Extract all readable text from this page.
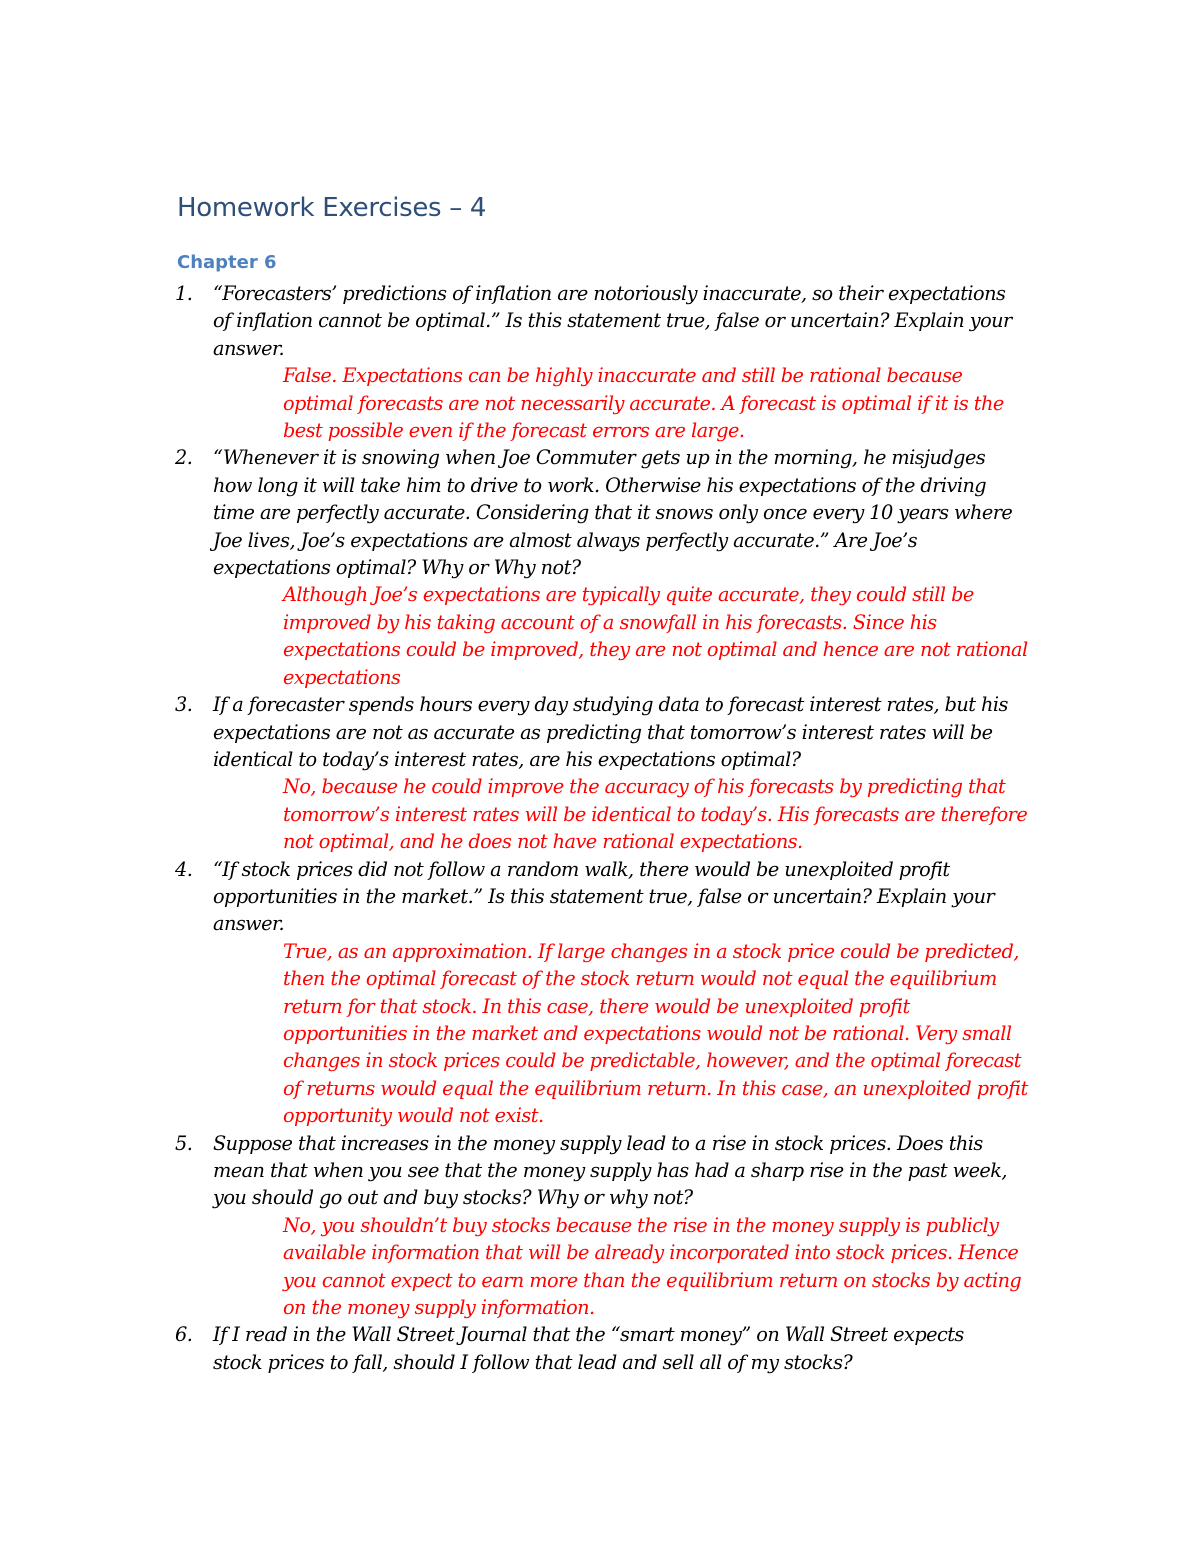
Homework Exercises – 4
Chapter 6
1. “Forecasters’ predictions of inflation are notoriously inaccurate, so their expectations of inflation cannot be optimal.” Is this statement true, false or uncertain? Explain your answer.
False. Expectations can be highly inaccurate and still be rational because optimal forecasts are not necessarily accurate. A forecast is optimal if it is the best possible even if the forecast errors are large.
2. “Whenever it is snowing when Joe Commuter gets up in the morning, he misjudges how long it will take him to drive to work. Otherwise his expectations of the driving time are perfectly accurate. Considering that it snows only once every 10 years where Joe lives, Joe’s expectations are almost always perfectly accurate.” Are Joe’s expectations optimal? Why or Why not?
Although Joe’s expectations are typically quite accurate, they could still be improved by his taking account of a snowfall in his forecasts. Since his expectations could be improved, they are not optimal and hence are not rational expectations
3. If a forecaster spends hours every day studying data to forecast interest rates, but his expectations are not as accurate as predicting that tomorrow’s interest rates will be identical to today’s interest rates, are his expectations optimal?
No, because he could improve the accuracy of his forecasts by predicting that tomorrow’s interest rates will be identical to today’s. His forecasts are therefore not optimal, and he does not have rational expectations.
4. “If stock prices did not follow a random walk, there would be unexploited profit opportunities in the market.” Is this statement true, false or uncertain? Explain your answer.
True, as an approximation. If large changes in a stock price could be predicted, then the optimal forecast of the stock return would not equal the equilibrium return for that stock. In this case, there would be unexploited profit opportunities in the market and expectations would not be rational. Very small changes in stock prices could be predictable, however, and the optimal forecast of returns would equal the equilibrium return. In this case, an unexploited profit opportunity would not exist.
5. Suppose that increases in the money supply lead to a rise in stock prices. Does this mean that when you see that the money supply has had a sharp rise in the past week, you should go out and buy stocks? Why or why not?
No, you shouldn’t buy stocks because the rise in the money supply is publicly available information that will be already incorporated into stock prices. Hence you cannot expect to earn more than the equilibrium return on stocks by acting on the money supply information.
6. If I read in the Wall Street Journal that the “smart money” on Wall Street expects stock prices to fall, should I follow that lead and sell all of my stocks?
